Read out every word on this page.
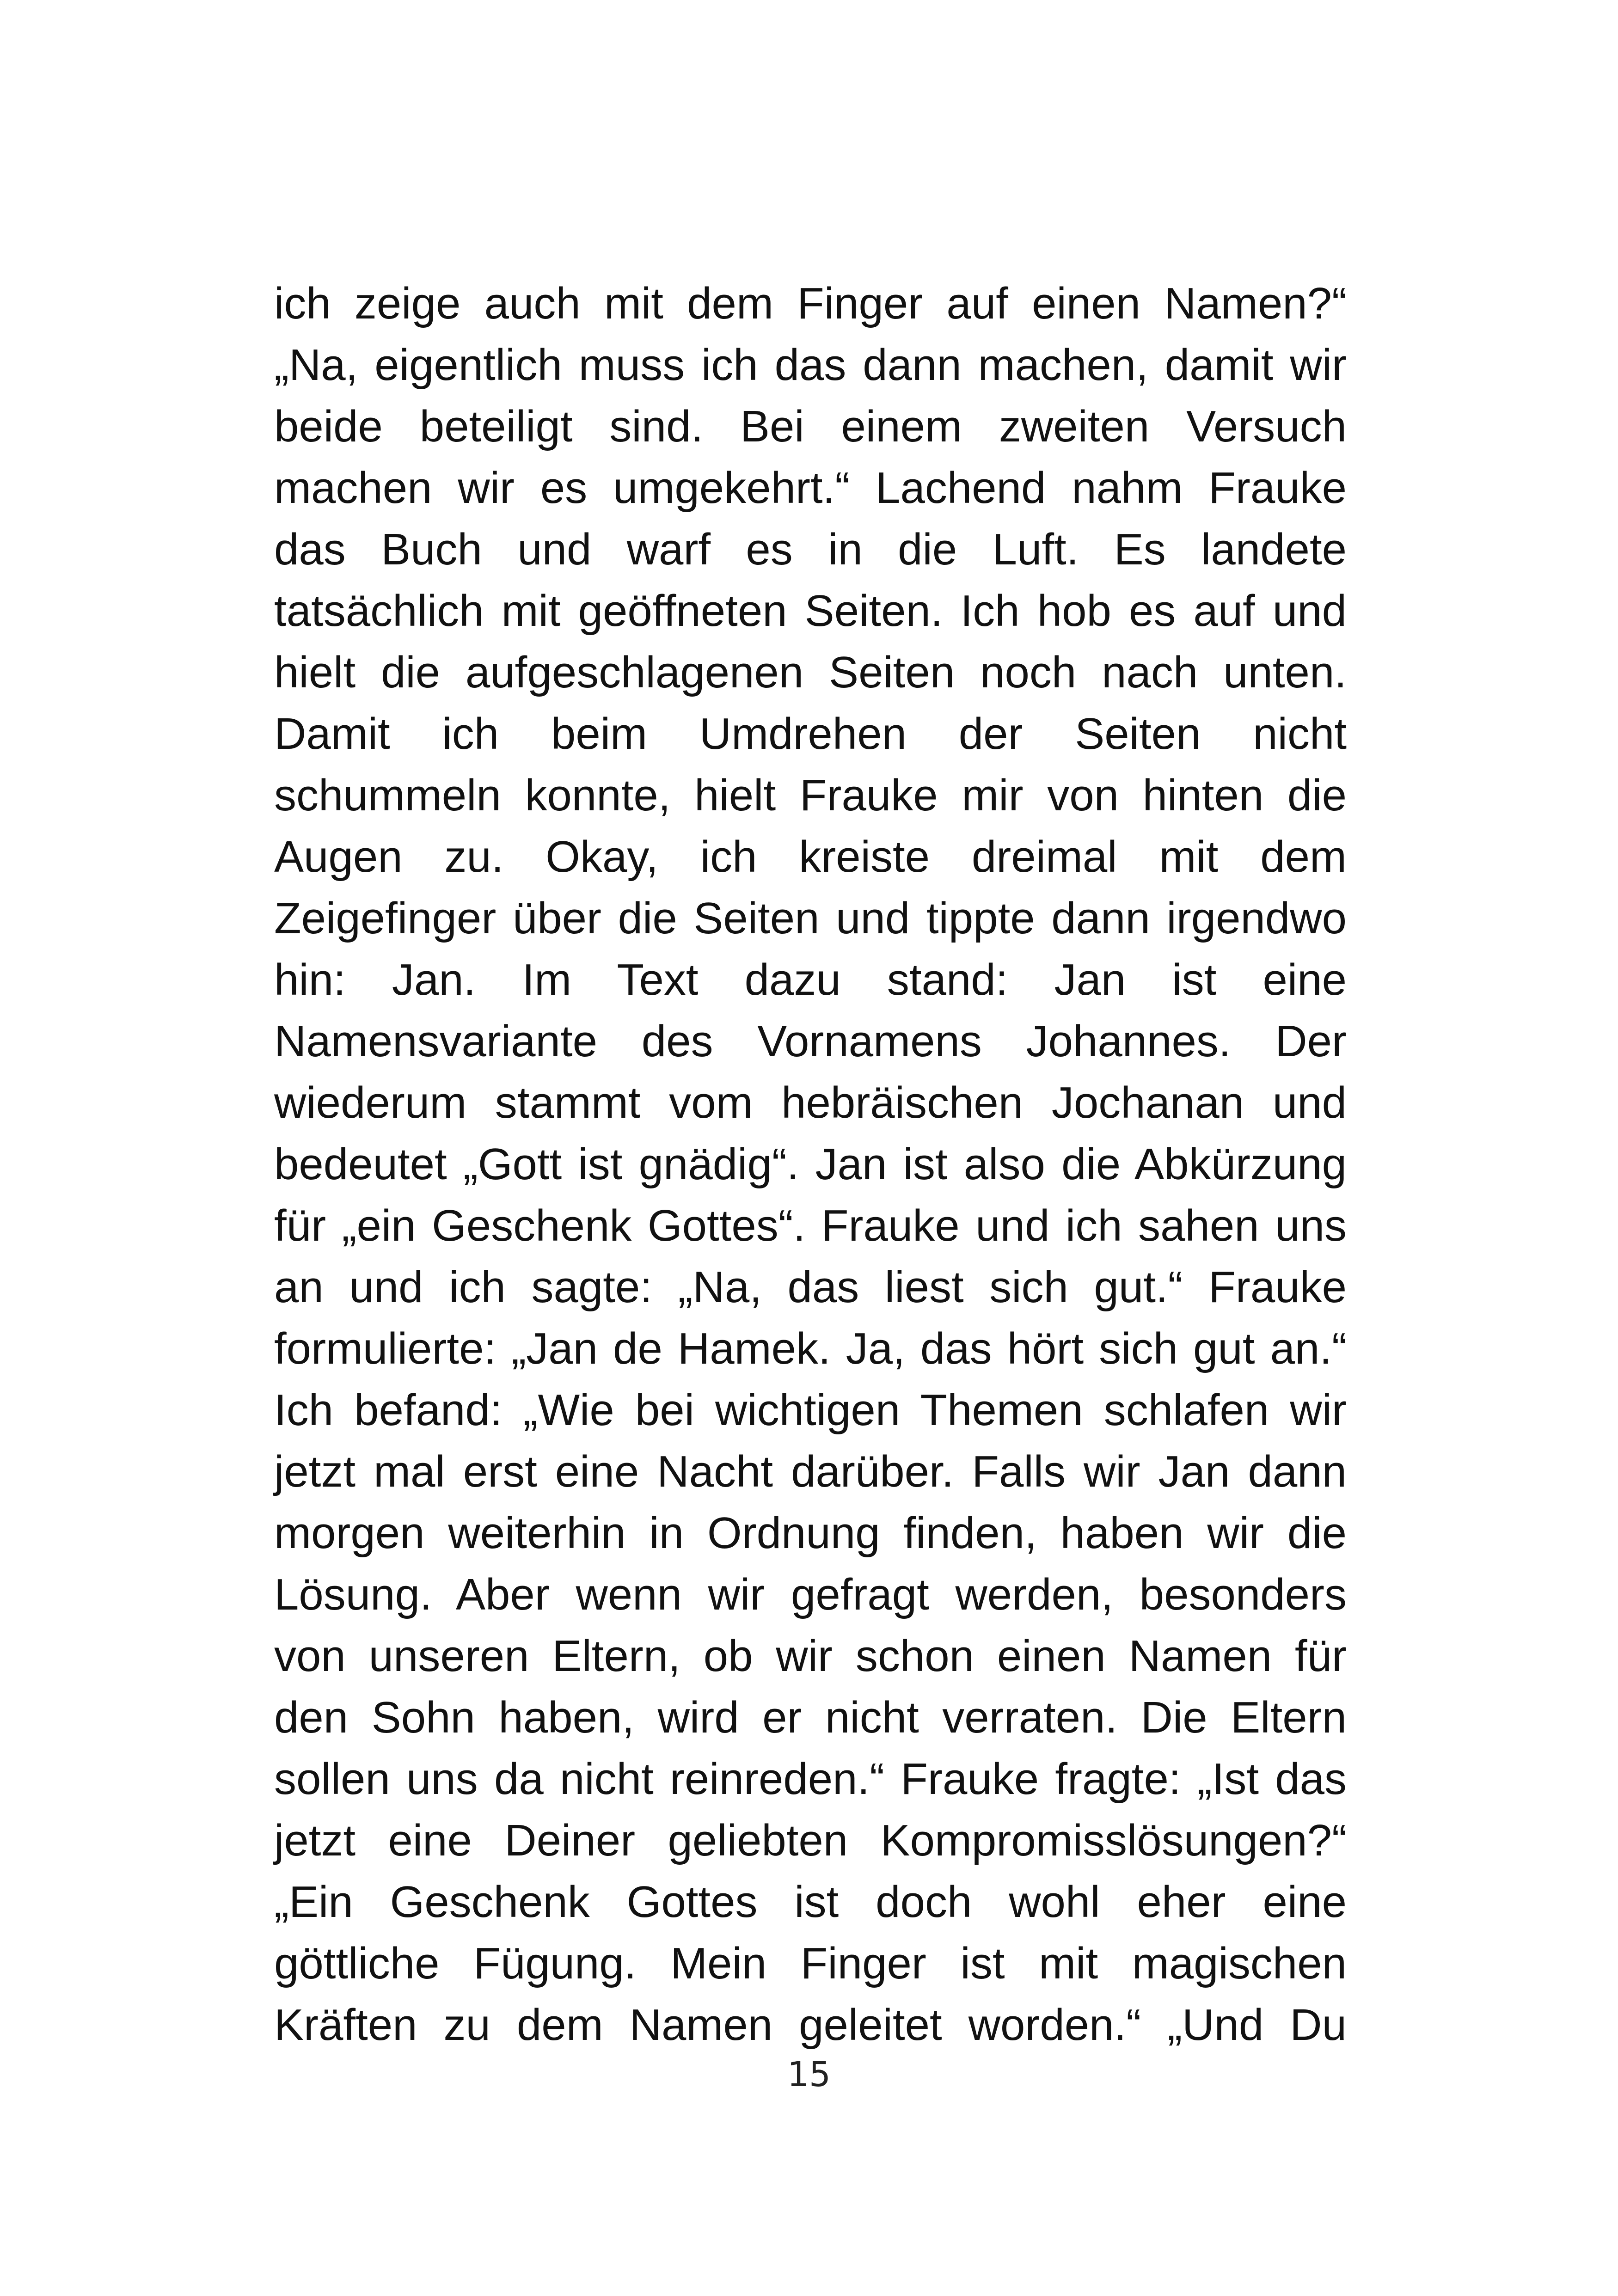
ich zeige auch mit dem Finger auf einen Namen?“
„Na, eigentlich muss ich das dann machen, damit wir
beide beteiligt sind. Bei einem zweiten Versuch
machen wir es umgekehrt.“ Lachend nahm Frauke
das Buch und warf es in die Luft. Es landete
tatsächlich mit geöffneten Seiten. Ich hob es auf und
hielt die aufgeschlagenen Seiten noch nach unten.
Damit ich beim Umdrehen der Seiten nicht
schummeln konnte, hielt Frauke mir von hinten die
Augen zu. Okay, ich kreiste dreimal mit dem
Zeigefinger über die Seiten und tippte dann irgendwo
hin: Jan. Im Text dazu stand: Jan ist eine
Namensvariante des Vornamens Johannes. Der
wiederum stammt vom hebräischen Jochanan und
bedeutet „Gott ist gnädig“. Jan ist also die Abkürzung
für „ein Geschenk Gottes“. Frauke und ich sahen uns
an und ich sagte: „Na, das liest sich gut.“ Frauke
formulierte: „Jan de Hamek. Ja, das hört sich gut an.“
Ich befand: „Wie bei wichtigen Themen schlafen wir
jetzt mal erst eine Nacht darüber. Falls wir Jan dann
morgen weiterhin in Ordnung finden, haben wir die
Lösung. Aber wenn wir gefragt werden, besonders
von unseren Eltern, ob wir schon einen Namen für
den Sohn haben, wird er nicht verraten. Die Eltern
sollen uns da nicht reinreden.“ Frauke fragte: „Ist das
jetzt eine Deiner geliebten Kompromisslösungen?“
„Ein Geschenk Gottes ist doch wohl eher eine
göttliche Fügung. Mein Finger ist mit magischen
Kräften zu dem Namen geleitet worden.“ „Und Du
15
